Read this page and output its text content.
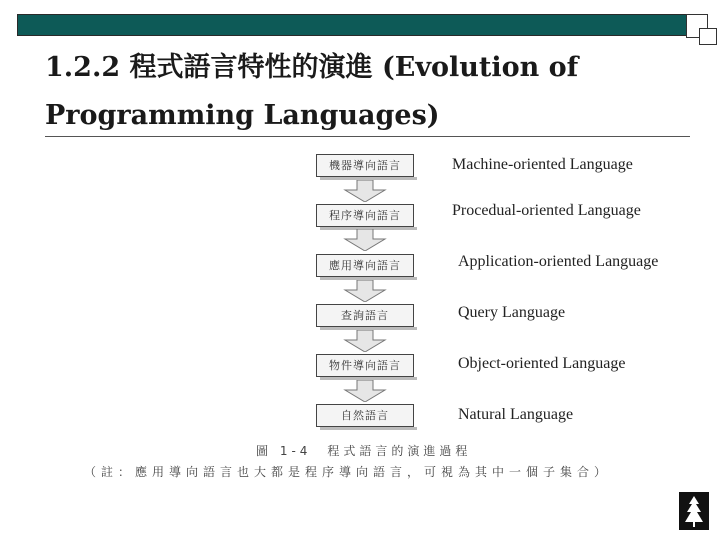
1.2.2 程式語言特性的演進 (Evolution of
Programming Languages)
機器導向語言
程序導向語言
應用導向語言
查詢語言
物件導向語言
自然語言
Machine-oriented Language
Procedual-oriented Language
Application-oriented Language
Query Language
Object-oriented Language
Natural Language
圖 1-4　程式語言的演進過程
（註：應用導向語言也大都是程序導向語言，可視為其中一個子集合）
